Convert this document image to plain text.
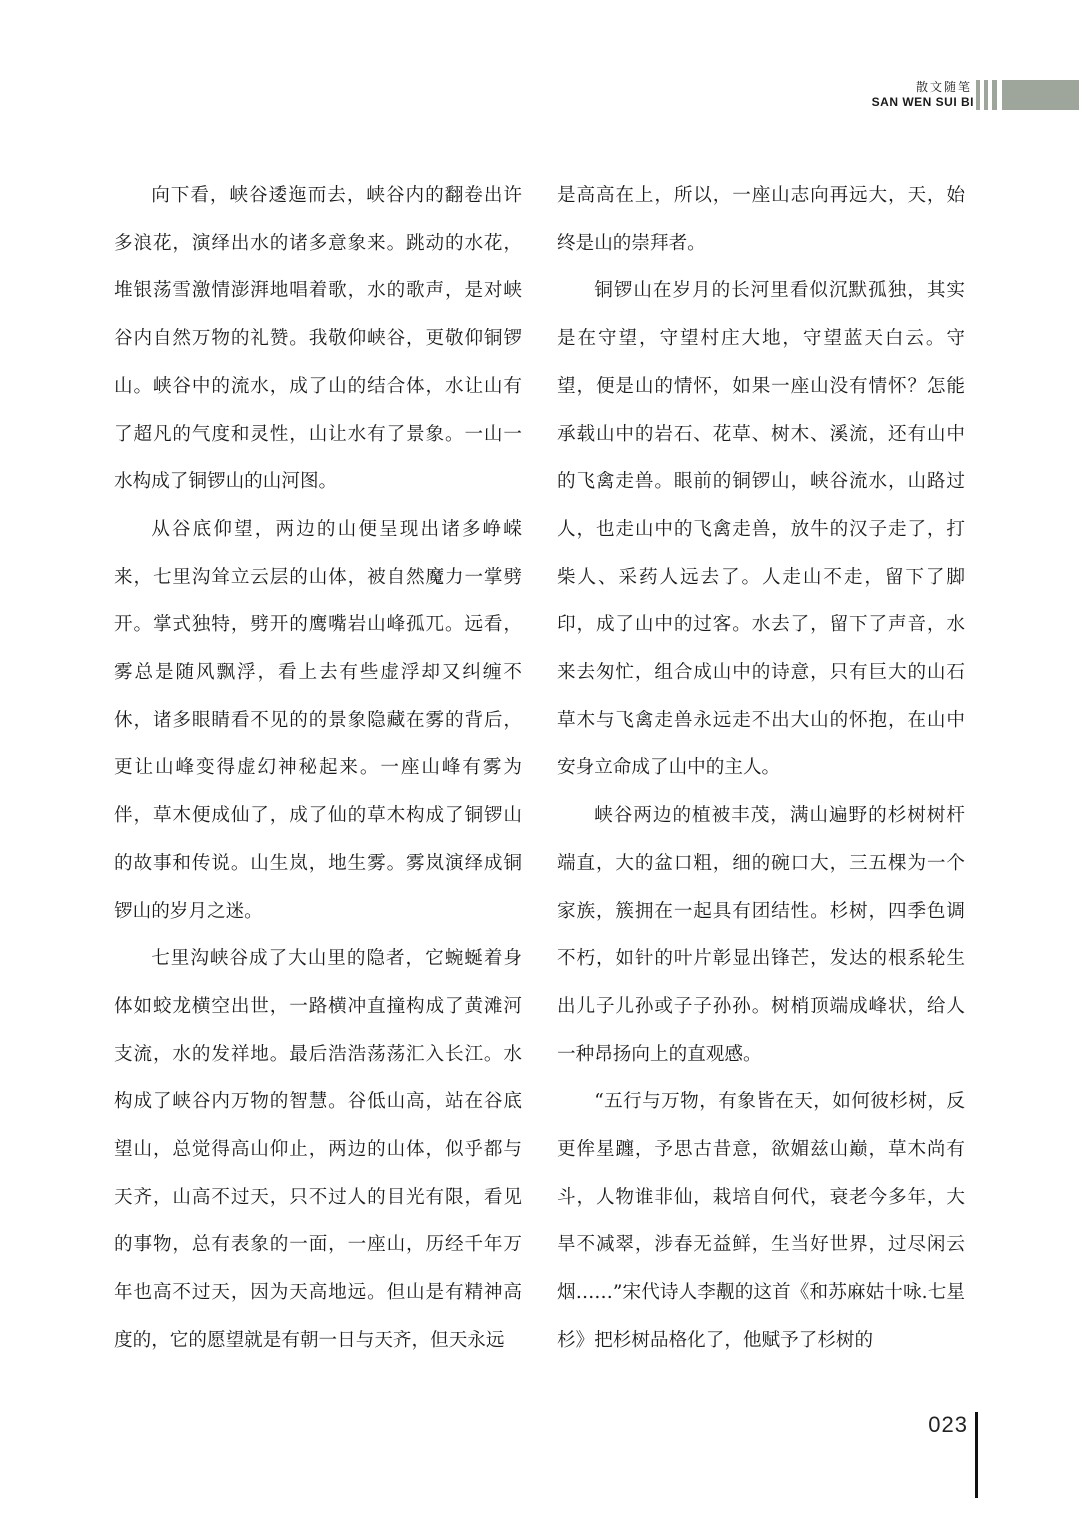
散文随笔
SAN WEN SUI BI

向下看，峡谷逶迤而去，峡谷内的翻卷出许多浪花，演绎出水的诸多意象来。跳动的水花，堆银荡雪激情澎湃地唱着歌，水的歌声，是对峡谷内自然万物的礼赞。我敬仰峡谷，更敬仰铜锣山。峡谷中的流水，成了山的结合体，水让山有了超凡的气度和灵性，山让水有了景象。一山一水构成了铜锣山的山河图。

从谷底仰望，两边的山便呈现出诸多峥嵘来，七里沟耸立云层的山体，被自然魔力一掌劈开。掌式独特，劈开的鹰嘴岩山峰孤兀。远看，雾总是随风飘浮，看上去有些虚浮却又纠缠不休，诸多眼睛看不见的的景象隐藏在雾的背后，更让山峰变得虚幻神秘起来。一座山峰有雾为伴，草木便成仙了，成了仙的草木构成了铜锣山的故事和传说。山生岚，地生雾。雾岚演绎成铜锣山的岁月之迷。

七里沟峡谷成了大山里的隐者，它蜿蜒着身体如蛟龙横空出世，一路横冲直撞构成了黄滩河支流，水的发祥地。最后浩浩荡荡汇入长江。水构成了峡谷内万物的智慧。谷低山高，站在谷底望山，总觉得高山仰止，两边的山体，似乎都与天齐，山高不过天，只不过人的目光有限，看见的事物，总有表象的一面，一座山，历经千年万年也高不过天，因为天高地远。但山是有精神高度的，它的愿望就是有朝一日与天齐，但天永远

是高高在上，所以，一座山志向再远大，天，始终是山的崇拜者。

铜锣山在岁月的长河里看似沉默孤独，其实是在守望，守望村庄大地，守望蓝天白云。守望，便是山的情怀，如果一座山没有情怀？怎能承载山中的岩石、花草、树木、溪流，还有山中的飞禽走兽。眼前的铜锣山，峡谷流水，山路过人，也走山中的飞禽走兽，放牛的汉子走了，打柴人、采药人远去了。人走山不走，留下了脚印，成了山中的过客。水去了，留下了声音，水来去匆忙，组合成山中的诗意，只有巨大的山石草木与飞禽走兽永远走不出大山的怀抱，在山中安身立命成了山中的主人。

峡谷两边的植被丰茂，满山遍野的杉树树杆端直，大的盆口粗，细的碗口大，三五棵为一个家族，簇拥在一起具有团结性。杉树，四季色调不朽，如针的叶片彰显出锋芒，发达的根系轮生出儿子儿孙或子子孙孙。树梢顶端成峰状，给人一种昂扬向上的直观感。

“五行与万物，有象皆在天，如何彼杉树，反更侔星躔，予思古昔意，欲媚兹山巅，草木尚有斗，人物谁非仙，栽培自何代，衰老今多年，大旱不减翠，涉春无益鲜，生当好世界，过尽闲云烟……”宋代诗人李觏的这首《和苏麻姑十咏.七星杉》把杉树品格化了，他赋予了杉树的

023
